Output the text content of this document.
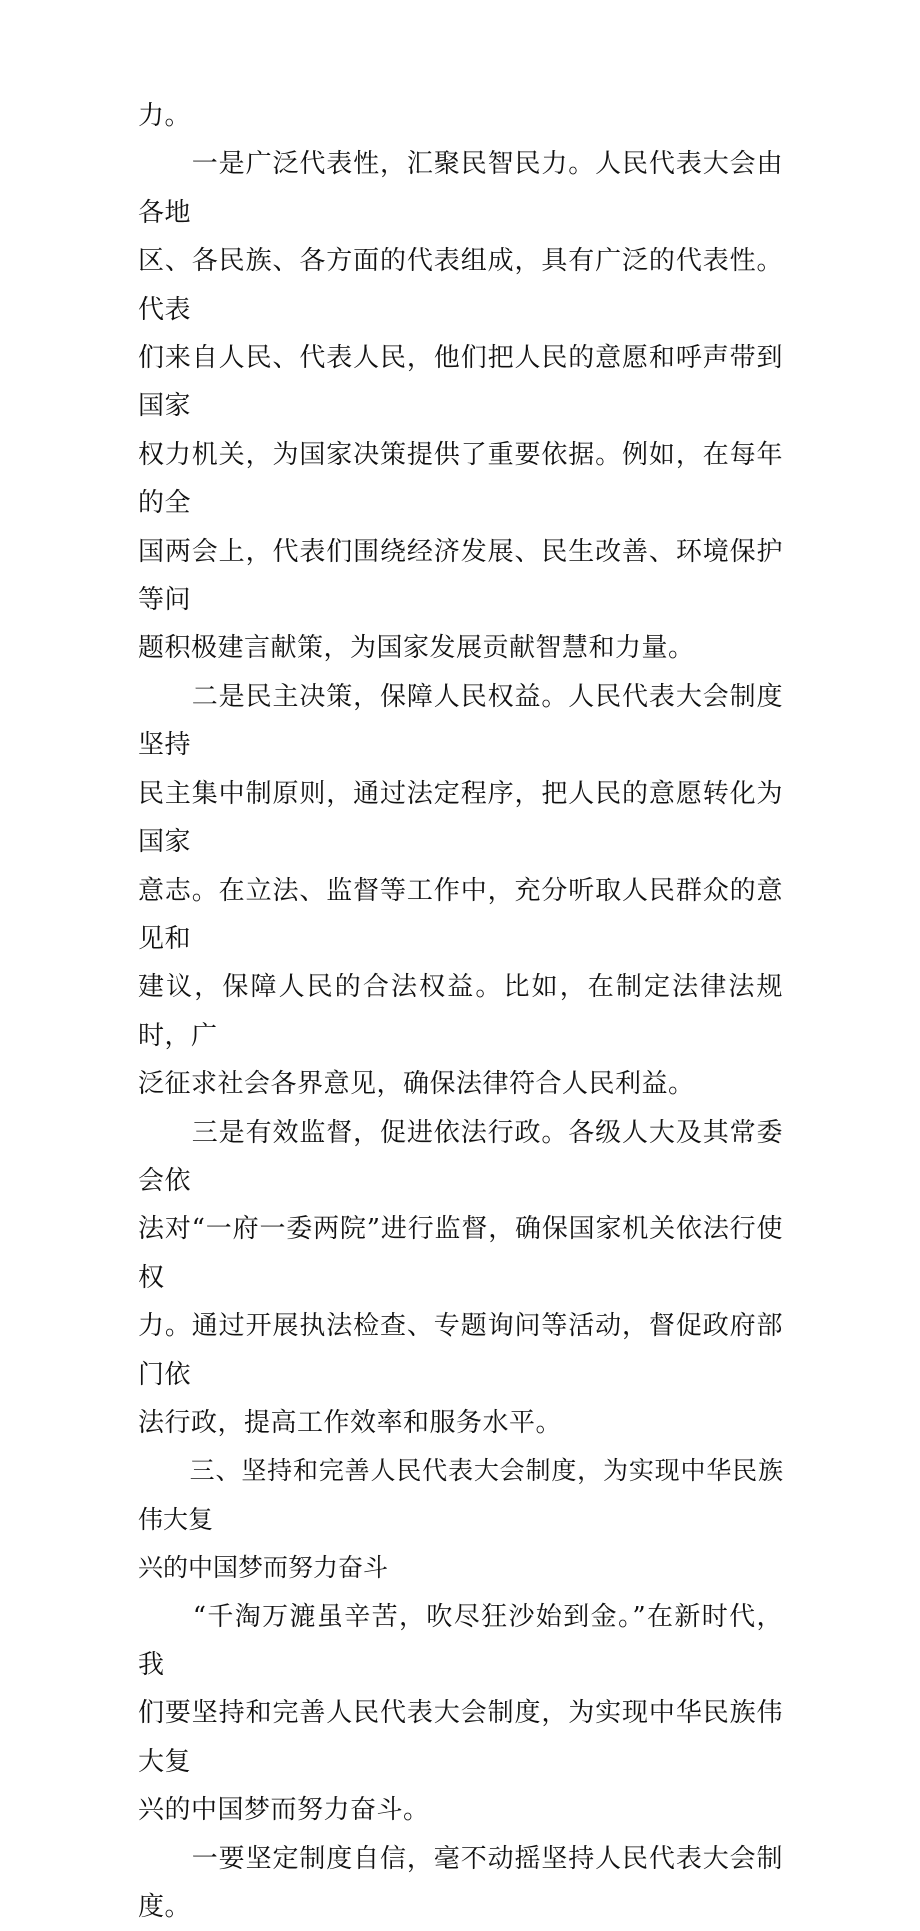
力。

　　一是广泛代表性，汇聚民智民力。人民代表大会由各地
区、各民族、各方面的代表组成，具有广泛的代表性。代表
们来自人民、代表人民，他们把人民的意愿和呼声带到国家
权力机关，为国家决策提供了重要依据。例如，在每年的全
国两会上，代表们围绕经济发展、民生改善、环境保护等问
题积极建言献策，为国家发展贡献智慧和力量。

　　二是民主决策，保障人民权益。人民代表大会制度坚持
民主集中制原则，通过法定程序，把人民的意愿转化为国家
意志。在立法、监督等工作中，充分听取人民群众的意见和
建议，保障人民的合法权益。比如，在制定法律法规时，广
泛征求社会各界意见，确保法律符合人民利益。

　　三是有效监督，促进依法行政。各级人大及其常委会依
法对“一府一委两院”进行监督，确保国家机关依法行使权
力。通过开展执法检查、专题询问等活动，督促政府部门依
法行政，提高工作效率和服务水平。

　　三、坚持和完善人民代表大会制度，为实现中华民族伟大复
兴的中国梦而努力奋斗

　　“千淘万漉虽辛苦，吹尽狂沙始到金。”在新时代，我
们要坚持和完善人民代表大会制度，为实现中华民族伟大复
兴的中国梦而努力奋斗。

　　一要坚定制度自信，毫不动摇坚持人民代表大会制度。
